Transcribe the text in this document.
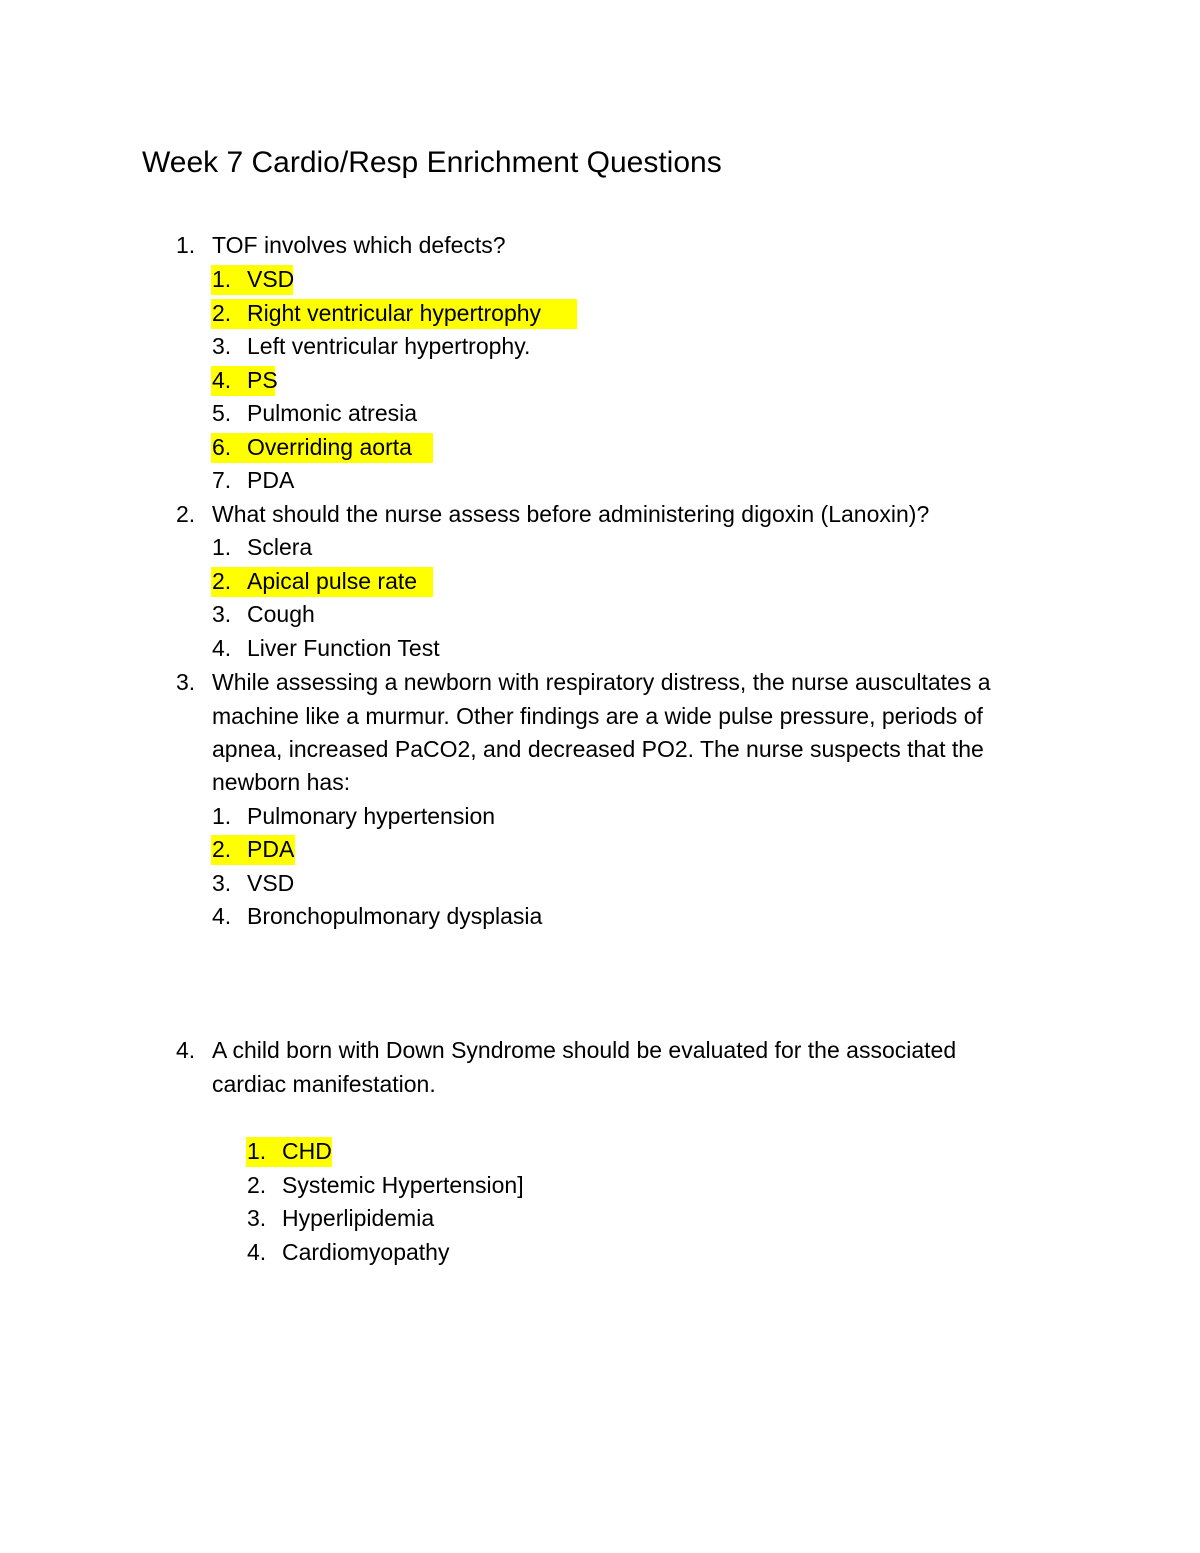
Week 7 Cardio/Resp Enrichment Questions
1. TOF involves which defects?
1. VSD
2. Right ventricular hypertrophy
3. Left ventricular hypertrophy.
4. PS
5. Pulmonic atresia
6. Overriding aorta
7. PDA
2. What should the nurse assess before administering digoxin (Lanoxin)?
1. Sclera
2. Apical pulse rate
3. Cough
4. Liver Function Test
3. While assessing a newborn with respiratory distress, the nurse auscultates a
machine like a murmur. Other findings are a wide pulse pressure, periods of
apnea, increased PaCO2, and decreased PO2. The nurse suspects that the
newborn has:
1. Pulmonary hypertension
2. PDA
3. VSD
4. Bronchopulmonary dysplasia
4. A child born with Down Syndrome should be evaluated for the associated
cardiac manifestation.
1. CHD
2. Systemic Hypertension]
3. Hyperlipidemia
4. Cardiomyopathy
